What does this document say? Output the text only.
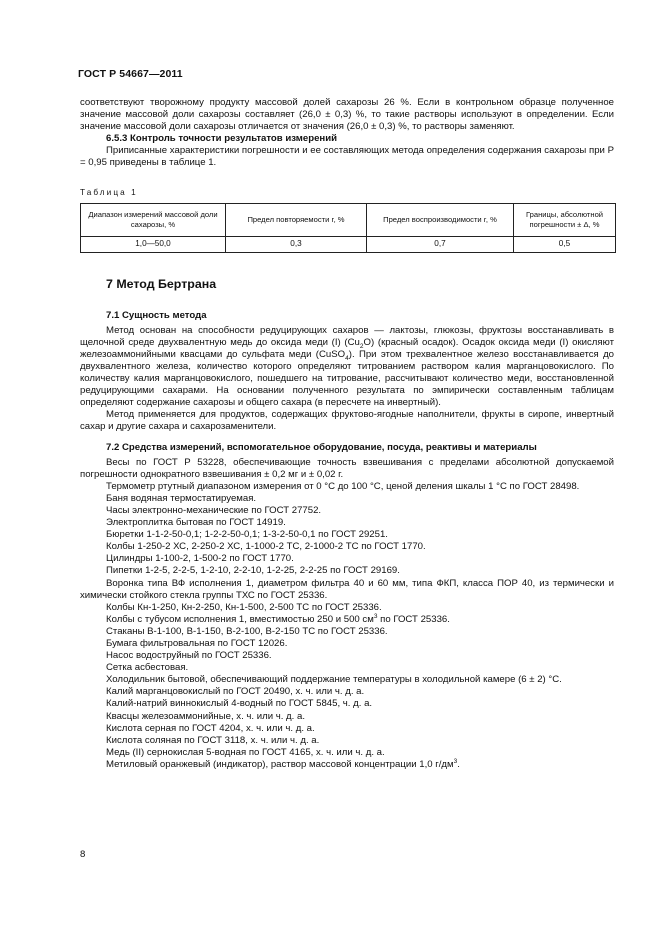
ГОСТ Р 54667—2011

соответствуют творожному продукту массовой долей сахарозы 26 %. Если в контрольном образце полученное значение массовой доли сахарозы составляет (26,0 ± 0,3) %, то такие растворы используют в определении. Если значение массовой доли сахарозы отличается от значения (26,0 ± 0,3) %, то растворы заменяют.

6.5.3 Контроль точности результатов измерений

Приписанные характеристики погрешности и ее составляющих метода определения содержания сахарозы при P = 0,95 приведены в таблице 1.

Таблица 1
Диапазон измерений массовой доли сахарозы, %	Предел повторяемости r, %	Предел воспроизводимости r, %	Границы, абсолютной погрешности ± Δ, %
1,0—50,0	0,3	0,7	0,5
7 Метод Бертрана

7.1 Сущность метода

Метод основан на способности редуцирующих сахаров — лактозы, глюкозы, фруктозы восстанавливать в щелочной среде двухвалентную медь до оксида меди (I) $(Cu_2O)$ (красный осадок). Осадок оксида меди (I) окисляют железоаммонийными квасцами до сульфата меди (CuSO$_4$). При этом трехвалентное железо восстанавливается до двухвалентного железа, количество которого определяют титрованием раствором калия марганцовокислого. По количеству калия марганцовокислого, пошедшего на титрование, рассчитывают количество меди, восстановленной редуцирующими сахарами. На основании полученного результата по эмпирически составленным таблицам определяют содержание сахарозы и общего сахара (в пересчете на инвертный).

Метод применяется для продуктов, содержащих фруктово-ягодные наполнители, фрукты в сиропе, инвертный сахар и другие сахара и сахарозаменители.

7.2 Средства измерений, вспомогательное оборудование, посуда, реактивы и материалы

Весы по ГОСТ Р 53228, обеспечивающие точность взвешивания с пределами абсолютной допускаемой погрешности однократного взвешивания ± 0,2 мг и ± 0,02 г.

Термометр ртутный диапазоном измерения от 0 °С до 100 °С, ценой деления шкалы 1 °С по ГОСТ 28498.

Баня водяная термостатируемая.

Часы электронно-механические по ГОСТ 27752.

Электроплитка бытовая по ГОСТ 14919.

Бюретки 1-1-2-50-0,1; 1-2-2-50-0,1; 1-3-2-50-0,1 по ГОСТ 29251.

Колбы 1-250-2 ХС, 2-250-2 ХС, 1-1000-2 ТС, 2-1000-2 ТС по ГОСТ 1770.

Цилиндры 1-100-2, 1-500-2 по ГОСТ 1770.

Пипетки 1-2-5, 2-2-5, 1-2-10, 2-2-10, 1-2-25, 2-2-25 по ГОСТ 29169.

Воронка типа ВФ исполнения 1, диаметром фильтра 40 и 60 мм, типа ФКП, класса ПОР 40, из термически и химически стойкого стекла группы ТХС по ГОСТ 25336.

Колбы Кн-1-250, Кн-2-250, Кн-1-500, 2-500 ТС по ГОСТ 25336.

Колбы с тубусом исполнения 1, вместимостью 250 и 500 $см^3$ по ГОСТ 25336.

Стаканы В-1-100, В-1-150, В-2-100, В-2-150 ТС по ГОСТ 25336.

Бумага фильтровальная по ГОСТ 12026.

Насос водоструйный по ГОСТ 25336.

Сетка асбестовая.

Холодильник бытовой, обеспечивающий поддержание температуры в холодильной камере (6 ± 2) °С.

Калий марганцовокислый по ГОСТ 20490, х. ч. или ч. д. а.

Калий-натрий виннокислый 4-водный по ГОСТ 5845, ч. д. а.

Квасцы железоаммонийные, х. ч. или ч. д. а.

Кислота серная по ГОСТ 4204, х. ч. или ч. д. а.

Кислота соляная по ГОСТ 3118, х. ч. или ч. д. а.

Медь (II) сернокислая 5-водная по ГОСТ 4165, х. ч. или ч. д. а.

Метиловый оранжевый (индикатор), раствор массовой концентрации 1,0 $г/дм^3$.

8
